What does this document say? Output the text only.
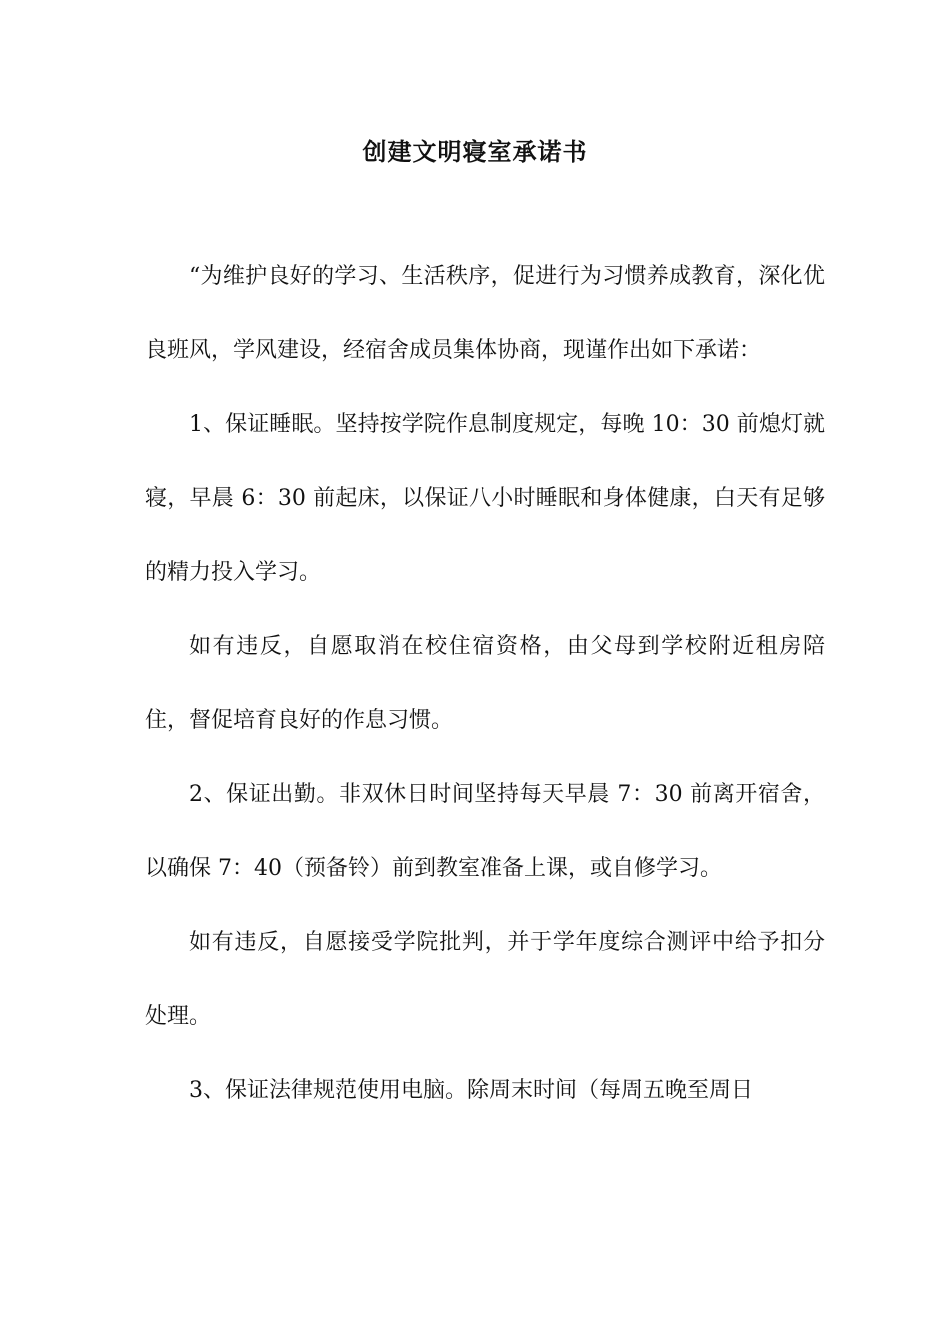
创建文明寝室承诺书

“为维护良好的学习、生活秩序，促进行为习惯养成教育，深化优良班风，学风建设，经宿舍成员集体协商，现谨作出如下承诺：

1、保证睡眠。坚持按学院作息制度规定，每晚 10：30 前熄灯就寝，早晨 6：30 前起床，以保证八小时睡眠和身体健康，白天有足够的精力投入学习。

如有违反，自愿取消在校住宿资格，由父母到学校附近租房陪住，督促培育良好的作息习惯。

2、保证出勤。非双休日时间坚持每天早晨 7：30 前离开宿舍，以确保 7：40（预备铃）前到教室准备上课，或自修学习。

如有违反，自愿接受学院批判，并于学年度综合测评中给予扣分处理。

3、保证法律规范使用电脑。除周末时间（每周五晚至周日
